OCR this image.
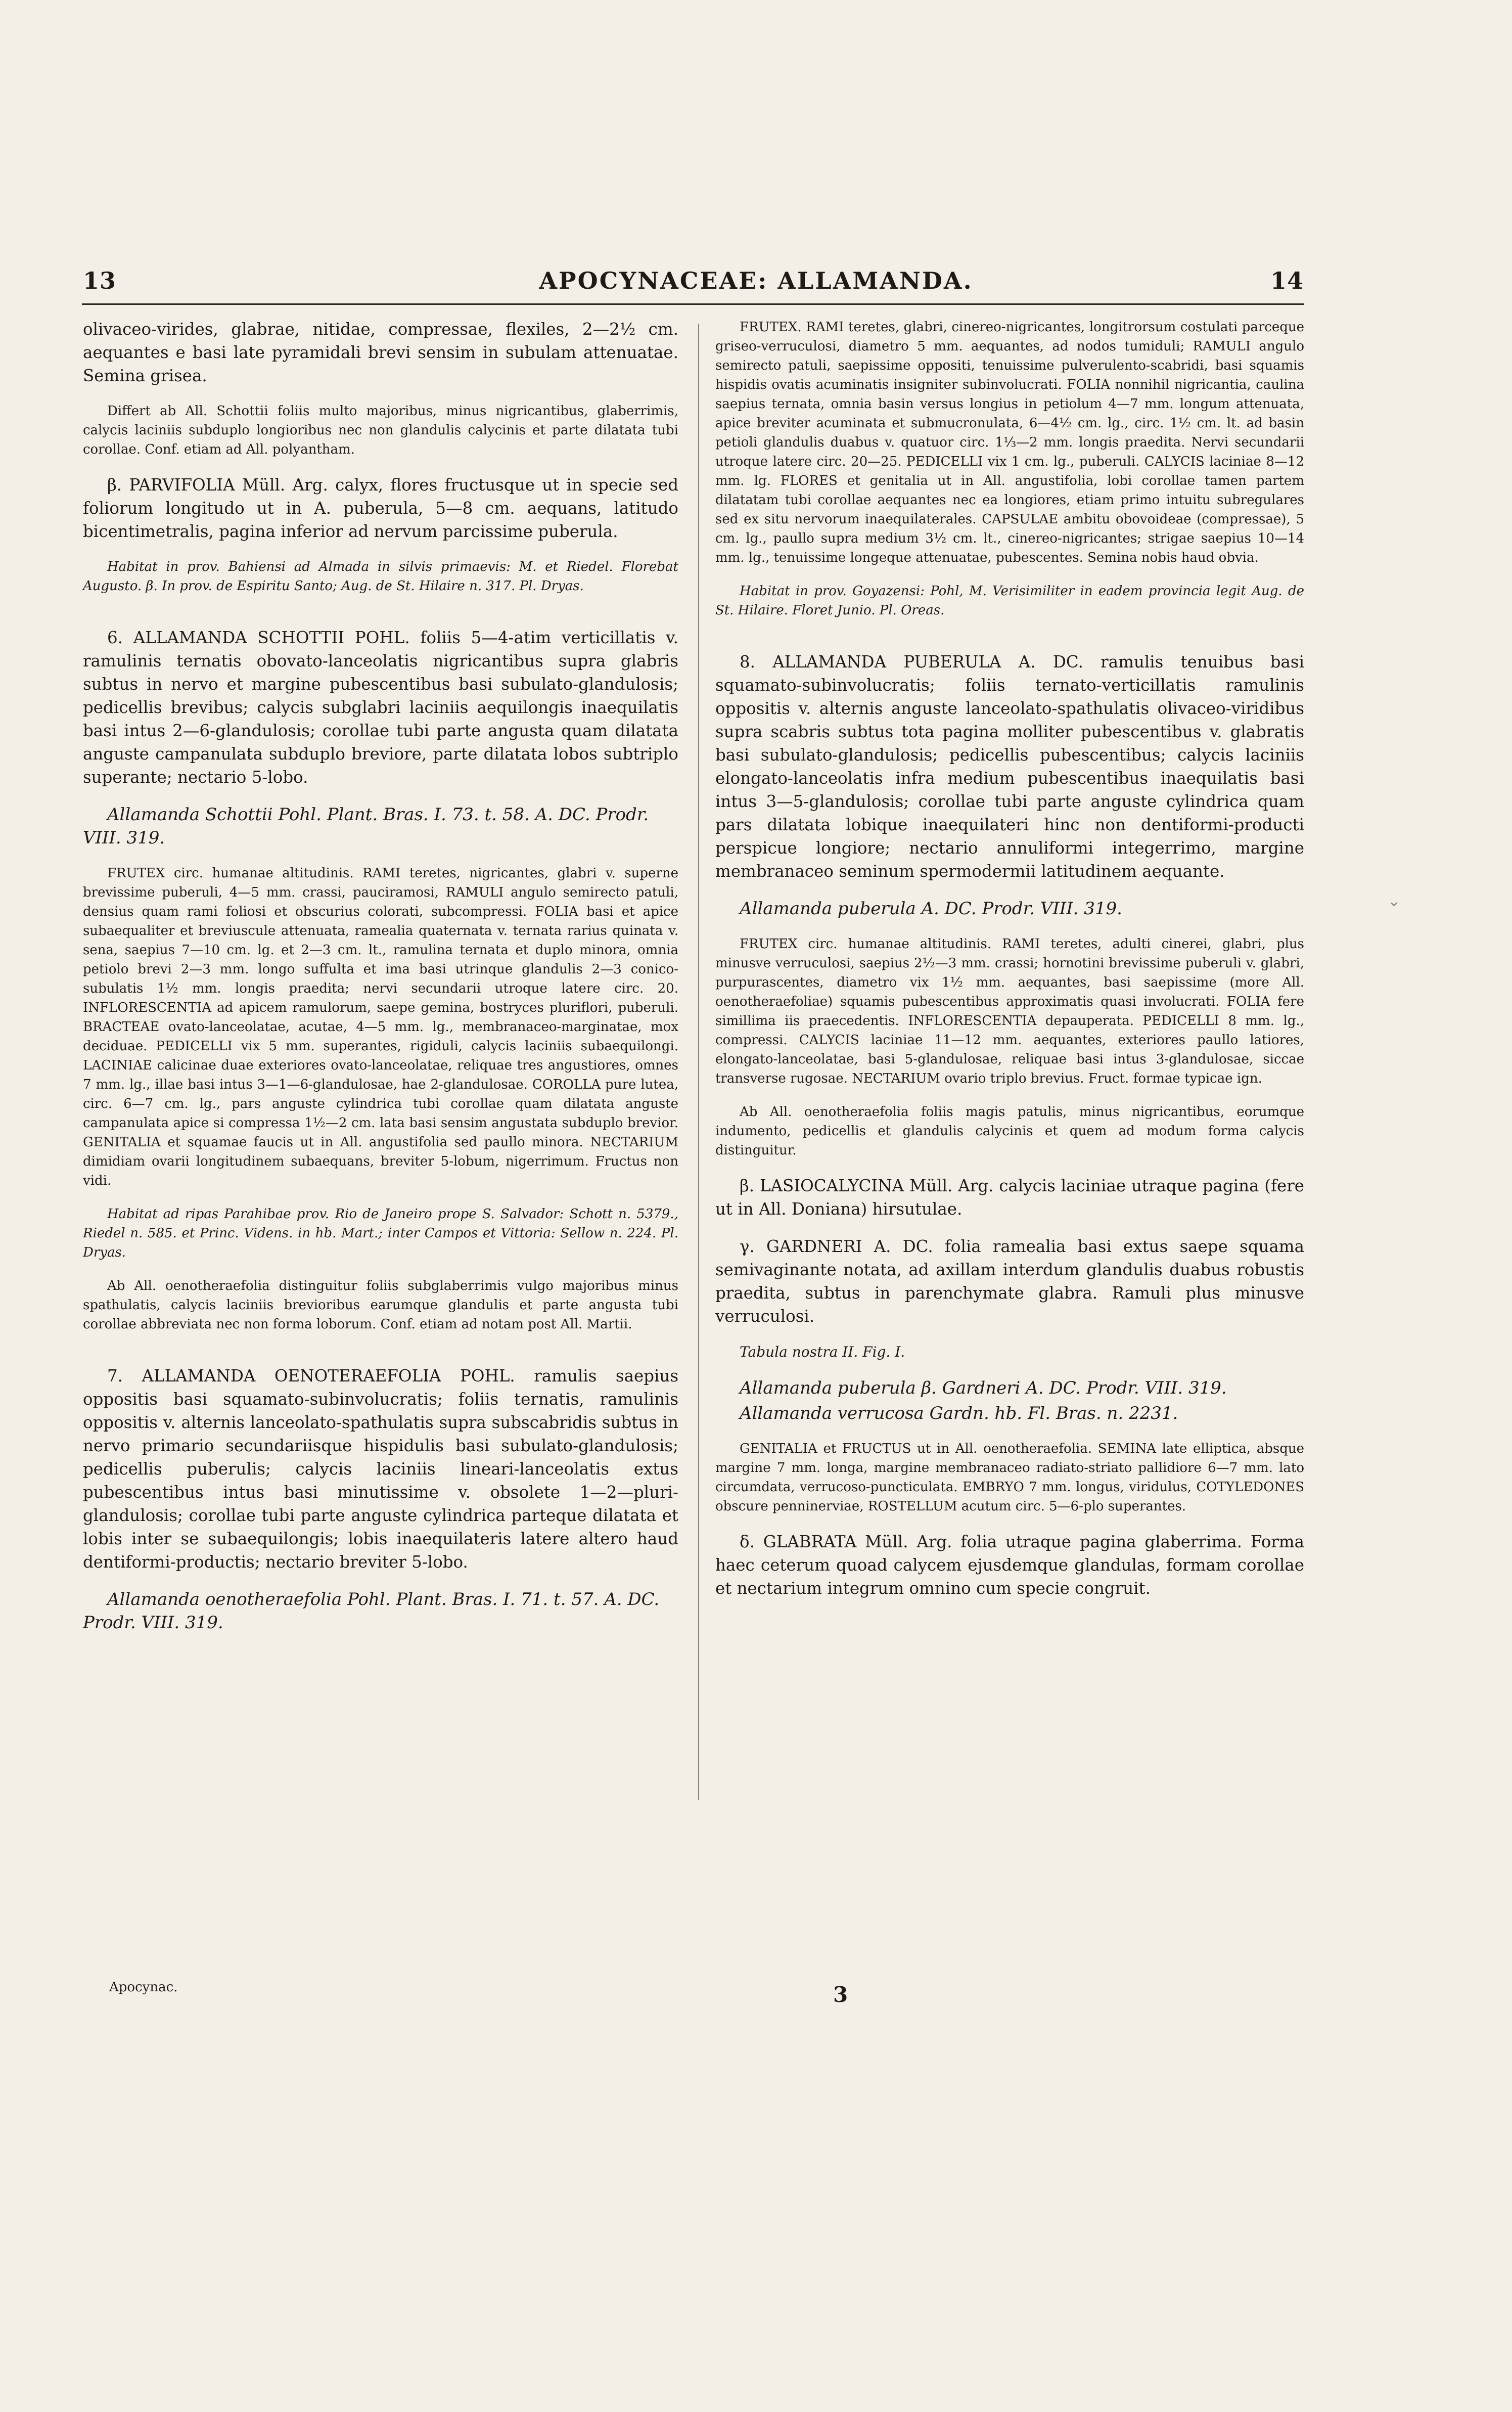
13	APOCYNACEAE: ALLAMANDA.	14

olivaceo-virides, glabrae, nitidae, compressae, flexiles, 2—2½ cm. aequantes e basi late pyramidali brevi sensim in subulam attenuatae. Semina grisea.

Differt ab All. Schottii foliis multo majoribus, minus nigricantibus, glaberrimis, calycis laciniis subduplo longioribus nec non glandulis calycinis et parte dilatata tubi corollae. Conf. etiam ad All. polyantham.

β. PARVIFOLIA Müll. Arg. calyx, flores fructusque ut in specie sed foliorum longitudo ut in A. puberula, 5—8 cm. aequans, latitudo bicentimetralis, pagina inferior ad nervum parcissime puberula.

Habitat in prov. Bahiensi ad Almada in silvis primaevis: M. et Riedel. Florebat Augusto. β. In prov. de Espiritu Santo; Aug. de St. Hilaire n. 317. Pl. Dryas.

6. ALLAMANDA SCHOTTII POHL. foliis 5—4-atim verticillatis v. ramulinis ternatis obovato-lanceolatis nigricantibus supra glabris subtus in nervo et margine pubescentibus basi subulato-glandulosis; pedicellis brevibus; calycis subglabri laciniis aequilongis inaequilatis basi intus 2—6-glandulosis; corollae tubi parte angusta quam dilatata anguste campanulata subduplo breviore, parte dilatata lobos subtriplo superante; nectario 5-lobo.

Allamanda Schottii Pohl. Plant. Bras. I. 73. t. 58. A. DC. Prodr. VIII. 319.

FRUTEX circ. humanae altitudinis. RAMI teretes, nigricantes, glabri v. superne brevissime puberuli, 4—5 mm. crassi, pauciramosi, RAMULI angulo semirecto patuli, densius quam rami foliosi et obscurius colorati, subcompressi. FOLIA basi et apice subaequaliter et breviuscule attenuata, ramealia quaternata v. ternata rarius quinata v. sena, saepius 7—10 cm. lg. et 2—3 cm. lt., ramulina ternata et duplo minora, omnia petiolo brevi 2—3 mm. longo suffulta et ima basi utrinque glandulis 2—3 conico-subulatis 1½ mm. longis praedita; nervi secundarii utroque latere circ. 20. INFLORESCENTIA ad apicem ramulorum, saepe gemina, bostryces pluriflori, puberuli. BRACTEAE ovato-lanceolatae, acutae, 4—5 mm. lg., membranaceo-marginatae, mox deciduae. PEDICELLI vix 5 mm. superantes, rigiduli, calycis laciniis subaequilongi. LACINIAE calicinae duae exteriores ovato-lanceolatae, reliquae tres angustiores, omnes 7 mm. lg., illae basi intus 3—1—6-glandulosae, hae 2-glandulosae. COROLLA pure lutea, circ. 6—7 cm. lg., pars anguste cylindrica tubi corollae quam dilatata anguste campanulata apice si compressa 1½—2 cm. lata basi sensim angustata subduplo brevior. GENITALIA et squamae faucis ut in All. angustifolia sed paullo minora. NECTARIUM dimidiam ovarii longitudinem subaequans, breviter 5-lobum, nigerrimum. Fructus non vidi.

Habitat ad ripas Parahibae prov. Rio de Janeiro prope S. Salvador: Schott n. 5379., Riedel n. 585. et Princ. Videns. in hb. Mart.; inter Campos et Vittoria: Sellow n. 224. Pl. Dryas.

Ab All. oenotheraefolia distinguitur foliis subglaberrimis vulgo majoribus minus spathulatis, calycis laciniis brevioribus earumque glandulis et parte angusta tubi corollae abbreviata nec non forma loborum. Conf. etiam ad notam post All. Martii.

7. ALLAMANDA OENOTERAEFOLIA POHL. ramulis saepius oppositis basi squamato-subinvolucratis; foliis ternatis, ramulinis oppositis v. alternis lanceolato-spathulatis supra subscabridis subtus in nervo primario secundariisque hispidulis basi subulato-glandulosis; pedicellis puberulis; calycis laciniis lineari-lanceolatis extus pubescentibus intus basi minutissime v. obsolete 1—2—pluri-glandulosis; corollae tubi parte anguste cylindrica parteque dilatata et lobis inter se subaequilongis; lobis inaequilateris latere altero haud dentiformi-productis; nectario breviter 5-lobo.

Allamanda oenotheraefolia Pohl. Plant. Bras. I. 71. t. 57. A. DC. Prodr. VIII. 319.

Apocynac.	3

FRUTEX. RAMI teretes, glabri, cinereo-nigricantes, longitrorsum costulati parceque griseo-verruculosi, diametro 5 mm. aequantes, ad nodos tumiduli; RAMULI angulo semirecto patuli, saepissime oppositi, tenuissime pulverulento-scabridi, basi squamis hispidis ovatis acuminatis insigniter subinvolucrati. FOLIA nonnihil nigricantia, caulina saepius ternata, omnia basin versus longius in petiolum 4—7 mm. longum attenuata, apice breviter acuminata et submucronulata, 6—4½ cm. lg., circ. 1½ cm. lt. ad basin petioli glandulis duabus v. quatuor circ. 1⅓—2 mm. longis praedita. Nervi secundarii utroque latere circ. 20—25. PEDICELLI vix 1 cm. lg., puberuli. CALYCIS laciniae 8—12 mm. lg. FLORES et genitalia ut in All. angustifolia, lobi corollae tamen partem dilatatam tubi corollae aequantes nec ea longiores, etiam primo intuitu subregulares sed ex situ nervorum inaequilaterales. CAPSULAE ambitu obovoideae (compressae), 5 cm. lg., paullo supra medium 3½ cm. lt., cinereo-nigricantes; strigae saepius 10—14 mm. lg., tenuissime longeque attenuatae, pubescentes. Semina nobis haud obvia.

Habitat in prov. Goyazensi: Pohl, M. Verisimiliter in eadem provincia legit Aug. de St. Hilaire. Floret Junio. Pl. Oreas.

8. ALLAMANDA PUBERULA A. DC. ramulis tenuibus basi squamato-subinvolucratis; foliis ternato-verticillatis ramulinis oppositis v. alternis anguste lanceolato-spathulatis olivaceo-viridibus supra scabris subtus tota pagina molliter pubescentibus v. glabratis basi subulato-glandulosis; pedicellis pubescentibus; calycis laciniis elongato-lanceolatis infra medium pubescentibus inaequilatis basi intus 3—5-glandulosis; corollae tubi parte anguste cylindrica quam pars dilatata lobique inaequilateri hinc non dentiformi-producti perspicue longiore; nectario annuliformi integerrimo, margine membranaceo seminum spermodermii latitudinem aequante.

Allamanda puberula A. DC. Prodr. VIII. 319.

FRUTEX circ. humanae altitudinis. RAMI teretes, adulti cinerei, glabri, plus minusve verruculosi, saepius 2½—3 mm. crassi; hornotini brevissime puberuli v. glabri, purpurascentes, diametro vix 1½ mm. aequantes, basi saepissime (more All. oenotheraefoliae) squamis pubescentibus approximatis quasi involucrati. FOLIA fere simillima iis praecedentis. INFLORESCENTIA depauperata. PEDICELLI 8 mm. lg., compressi. CALYCIS laciniae 11—12 mm. aequantes, exteriores paullo latiores, elongato-lanceolatae, basi 5-glandulosae, reliquae basi intus 3-glandulosae, siccae transverse rugosae. NECTARIUM ovario triplo brevius. Fruct. formae typicae ign.

Ab All. oenotheraefolia foliis magis patulis, minus nigricantibus, eorumque indumento, pedicellis et glandulis calycinis et quem ad modum forma calycis distinguitur.

β. LASIOCALYCINA Müll. Arg. calycis laciniae utraque pagina (fere ut in All. Doniana) hirsutulae.

γ. GARDNERI A. DC. folia ramealia basi extus saepe squama semivaginante notata, ad axillam interdum glandulis duabus robustis praedita, subtus in parenchymate glabra. Ramuli plus minusve verruculosi.

Tabula nostra II. Fig. I.

Allamanda puberula β. Gardneri A. DC. Prodr. VIII. 319.

Allamanda verrucosa Gardn. hb. Fl. Bras. n. 2231.

GENITALIA et FRUCTUS ut in All. oenotheraefolia. SEMINA late elliptica, absque margine 7 mm. longa, margine membranaceo radiato-striato pallidiore 6—7 mm. lato circumdata, verrucoso-puncticulata. EMBRYO 7 mm. longus, viridulus, COTYLEDONES obscure penninerviae, ROSTELLUM acutum circ. 5—6-plo superantes.

δ. GLABRATA Müll. Arg. folia utraque pagina glaberrima. Forma haec ceterum quoad calycem ejusdemque glandulas, formam corollae et nectarium integrum omnino cum specie congruit.

⌄
